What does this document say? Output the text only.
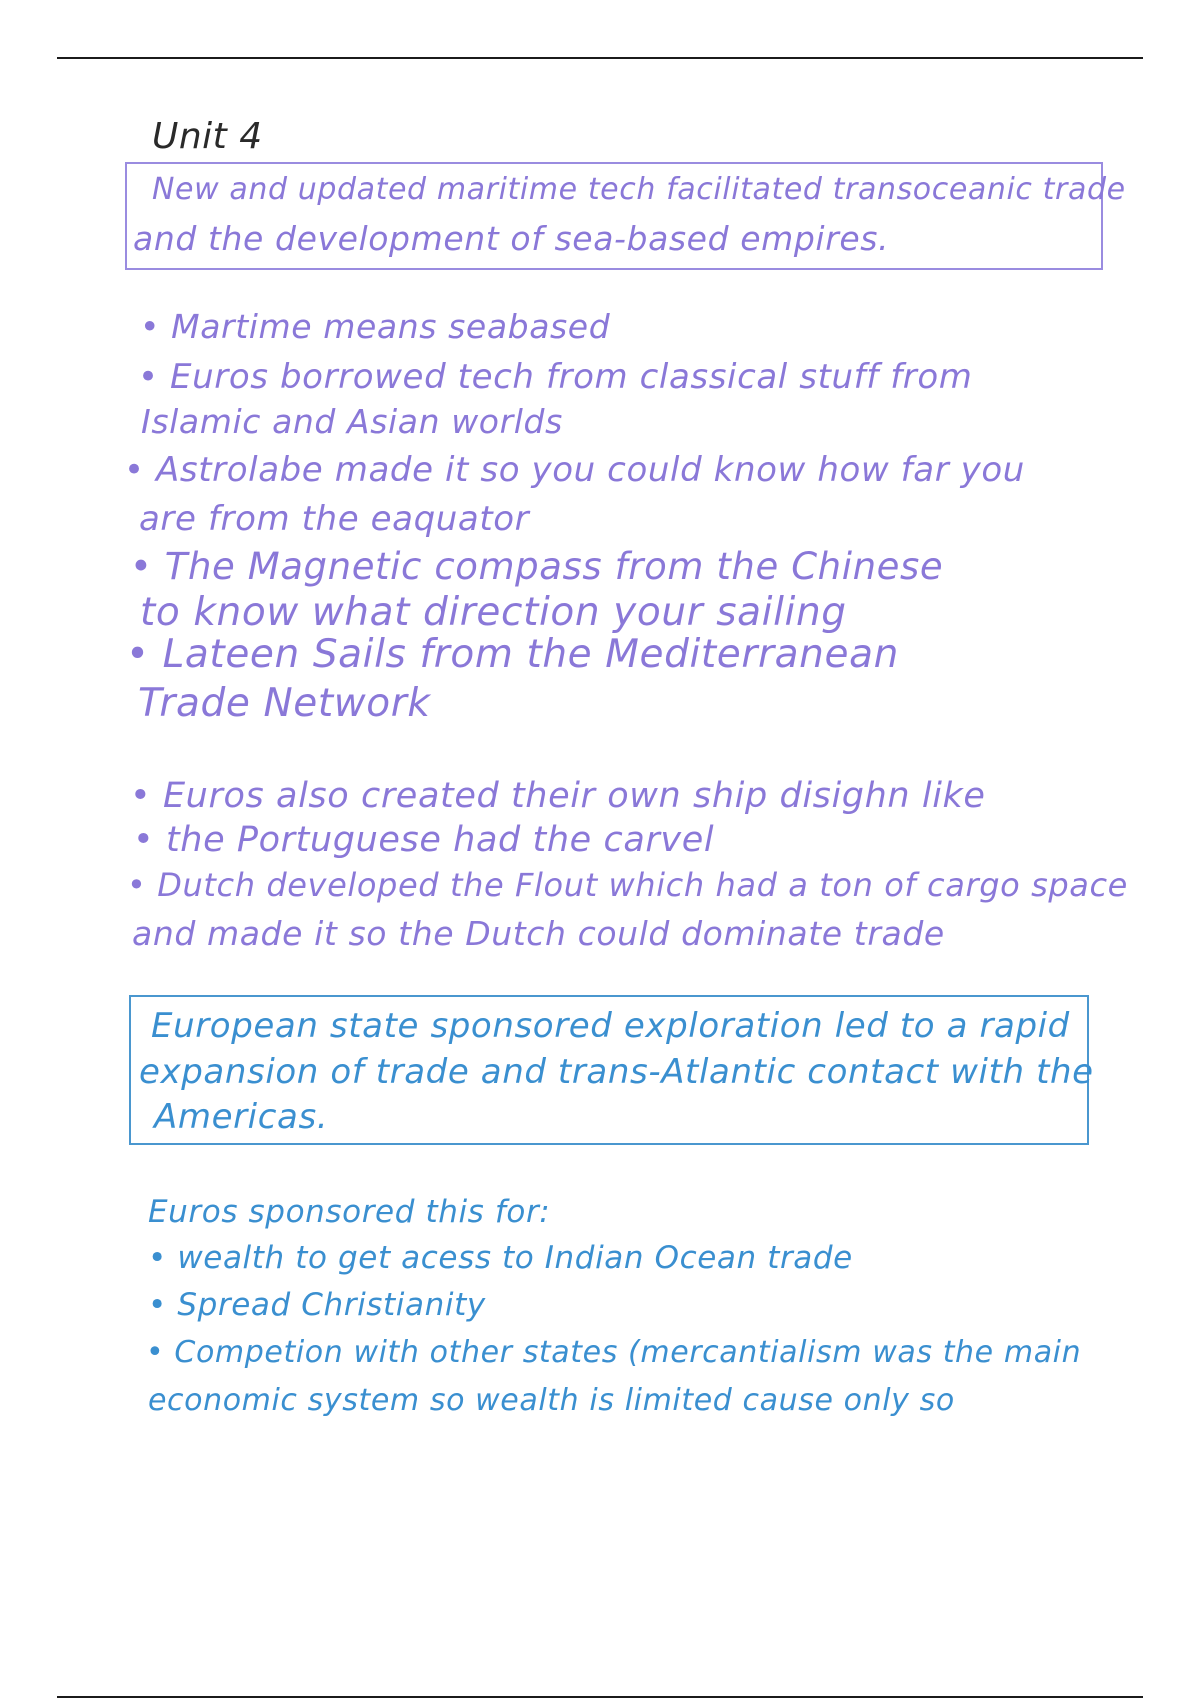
Unit 4

New and updated maritime tech facilitated transoceanic trade

and the development of sea-based empires.

• Martime means seabased

• Euros borrowed tech from classical stuff from

Islamic and Asian worlds

• Astrolabe made it so you could know how far you

are from the eaquator

• The Magnetic compass from the Chinese

to know what direction your sailing

• Lateen Sails from the Mediterranean

Trade Network

• Euros also created their own ship disighn like

• the Portuguese had the carvel

• Dutch developed the Flout which had a ton of cargo space

and made it so the Dutch could dominate trade

European state sponsored exploration led to a rapid

expansion of trade and trans-Atlantic contact with the

Americas.

Euros sponsored this for:

• wealth to get acess to Indian Ocean trade

• Spread Christianity

• Competion with other states (mercantialism was the main

economic system so wealth is limited cause only so
